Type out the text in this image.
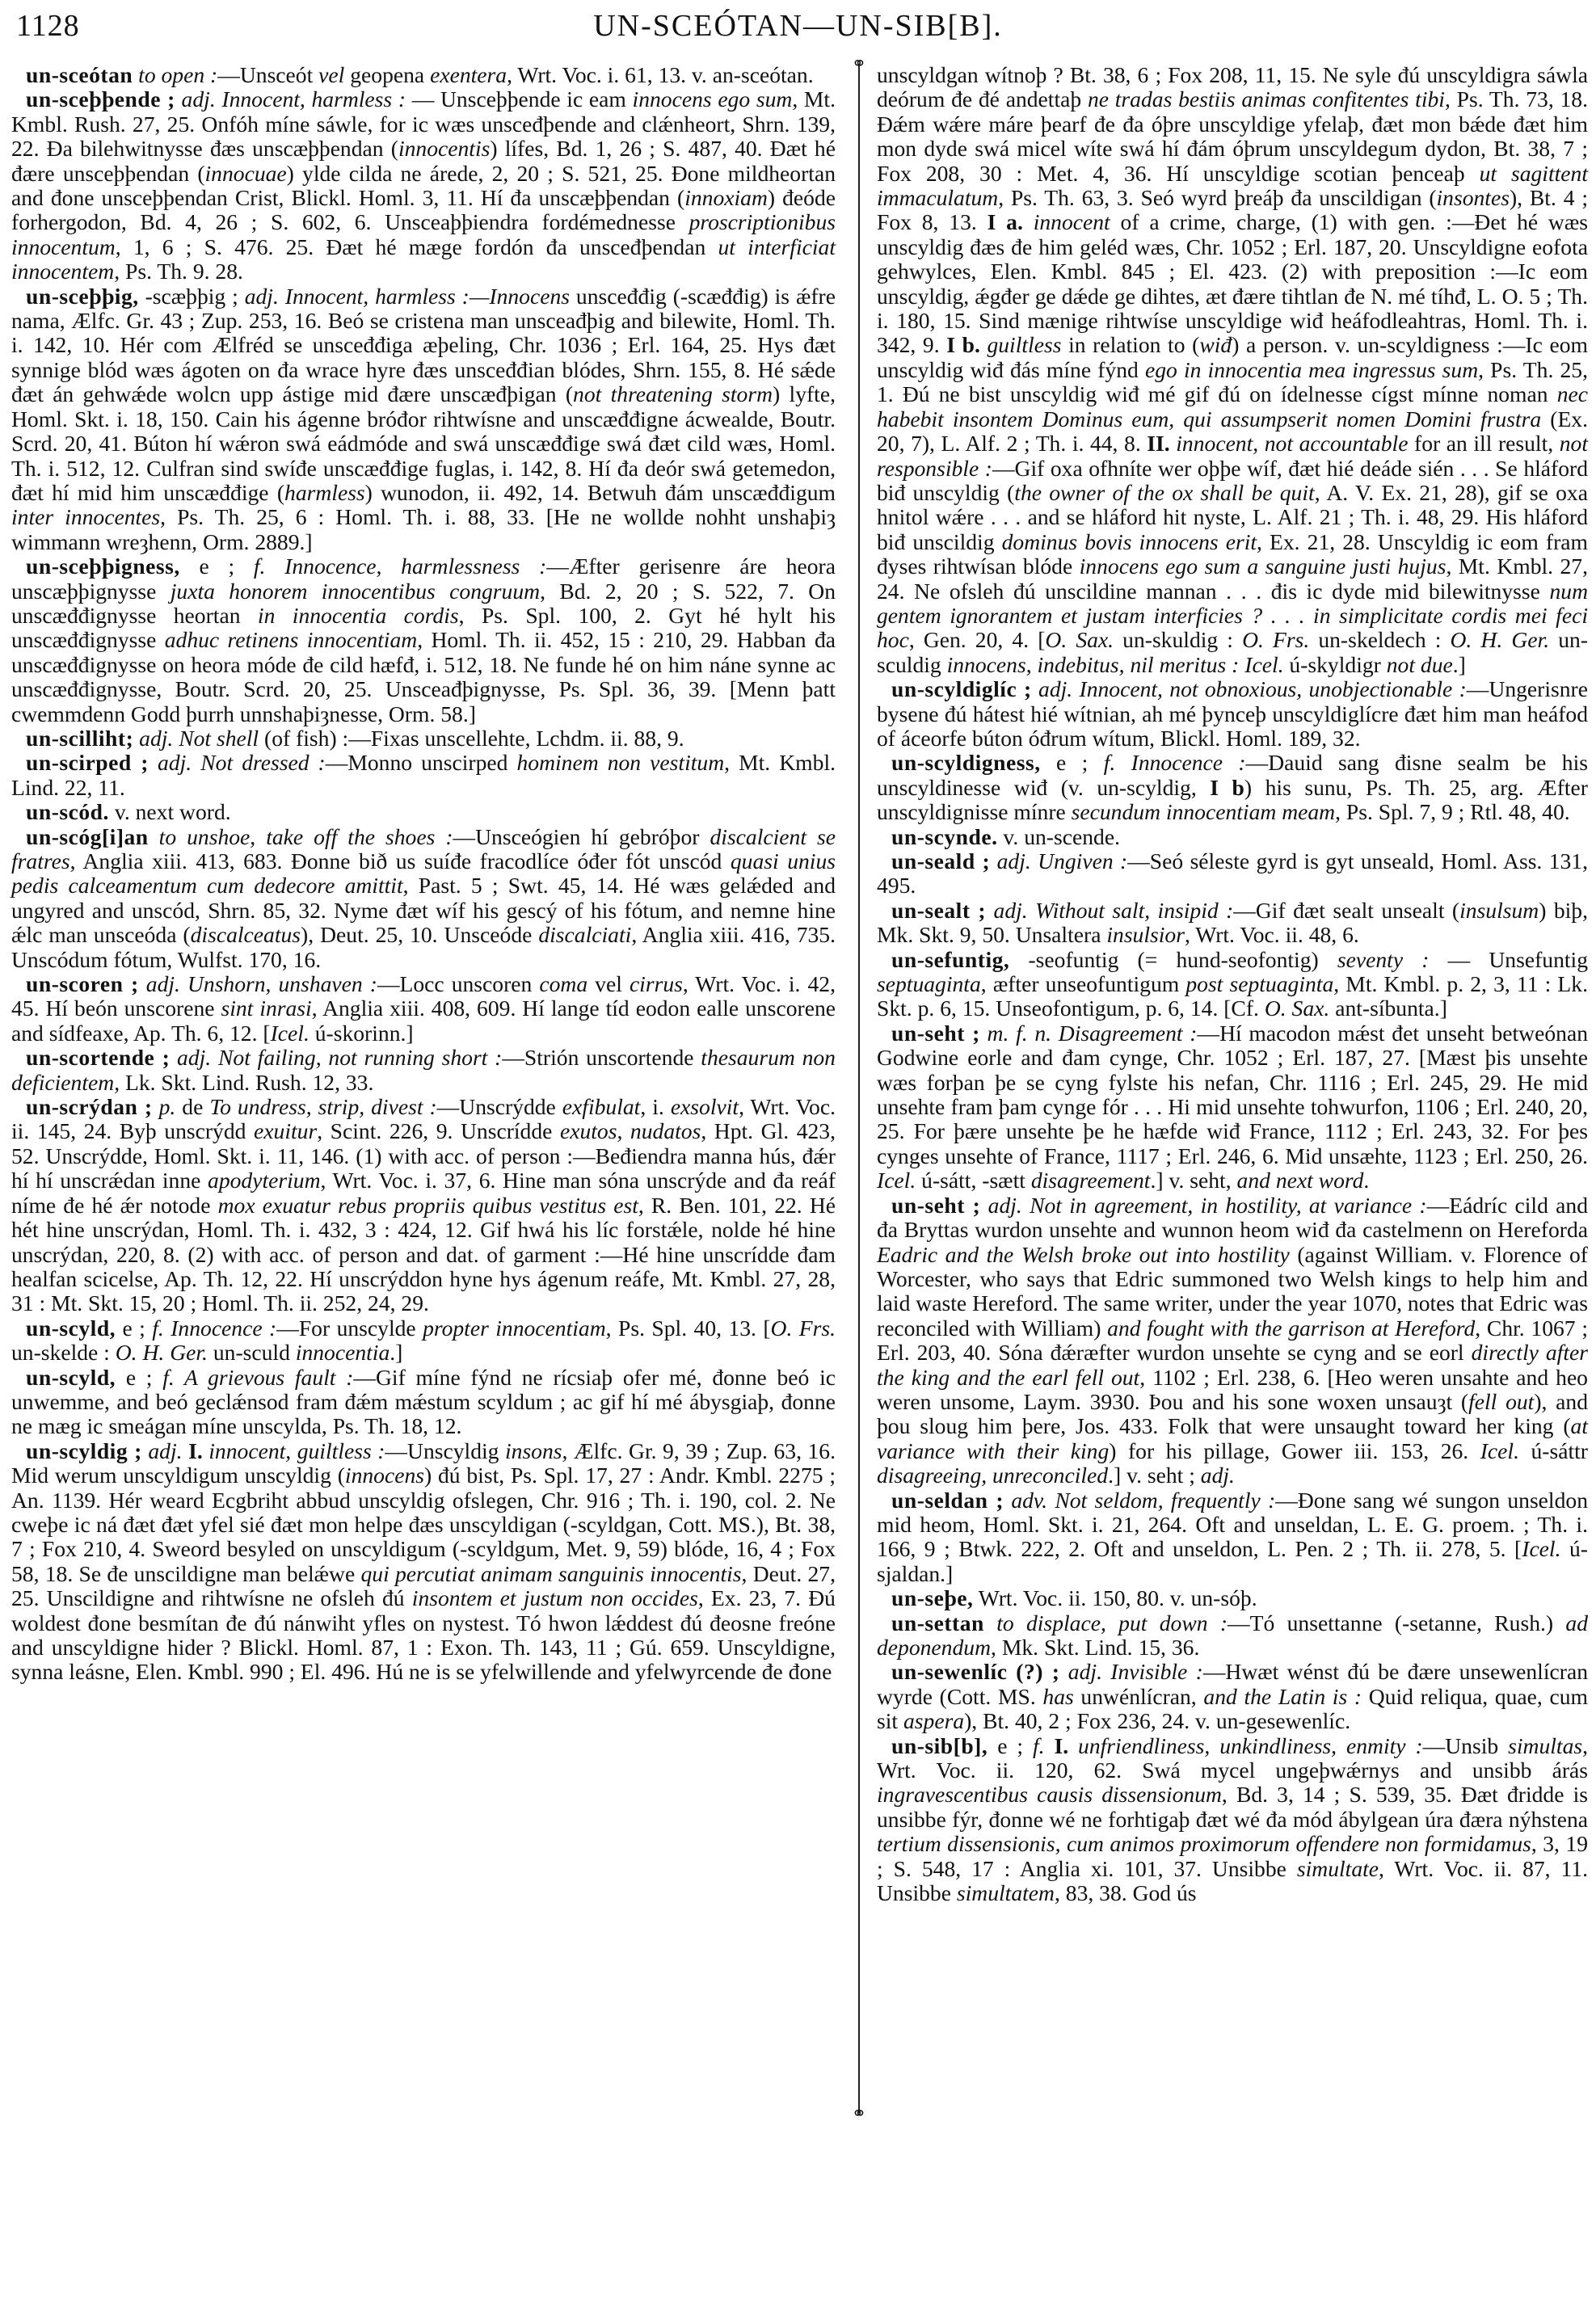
1128	UN-SCEÓTAN—UN-SIB[B].
⚭
⚭

un-sceótan to open :—Unsceót vel geopena exentera, Wrt. Voc. i. 61, 13. v. an-sceótan.

un-sceþþende ; adj. Innocent, harmless : — Unsceþþende ic eam innocens ego sum, Mt. Kmbl. Rush. 27, 25. Onfóh míne sáwle, for ic wæs unsceđþende and clǽnheort, Shrn. 139, 22. Đa bilehwitnysse đæs unscæþþendan (innocentis) lífes, Bd. 1, 26 ; S. 487, 40. Đæt hé đære unsceþþendan (innocuae) ylde cilda ne árede, 2, 20 ; S. 521, 25. Đone mildheortan and đone unsceþþendan Crist, Blickl. Homl. 3, 11. Hí đa unscæþþendan (innoxiam) đeóde forhergodon, Bd. 4, 26 ; S. 602, 6. Unsceaþþiendra fordémednesse proscriptionibus innocentum, 1, 6 ; S. 476. 25. Đæt hé mæge fordón đa unsceđþendan ut interficiat innocentem, Ps. Th. 9. 28.

un-sceþþig, -scæþþig ; adj. Innocent, harmless :—Innocens unsceđđig (-scæđđig) is ǽfre nama, Ælfc. Gr. 43 ; Zup. 253, 16. Beó se cristena man unsceađþig and bilewite, Homl. Th. i. 142, 10. Hér com Ælfréd se unsceđđiga æþeling, Chr. 1036 ; Erl. 164, 25. Hys đæt synnige blód wæs ágoten on đa wrace hyre đæs unsceđđian blódes, Shrn. 155, 8. Hé sǽde đæt án gehwǽde wolcn upp ástige mid đære unscæđþigan (not threatening storm) lyfte, Homl. Skt. i. 18, 150. Cain his ágenne bróđor rihtwísne and unscæđđigne ácwealde, Boutr. Scrd. 20, 41. Búton hí wǽron swá eádmóde and swá unscæđđige swá đæt cild wæs, Homl. Th. i. 512, 12. Culfran sind swíđe unscæđđige fuglas, i. 142, 8. Hí đa deór swá getemedon, đæt hí mid him unscæđđige (harmless) wunodon, ii. 492, 14. Betwuh đám unscæđđigum inter innocentes, Ps. Th. 25, 6 : Homl. Th. i. 88, 33. [He ne wollde nohht unshaþiȝ wimmann wreȝhenn, Orm. 2889.]

un-sceþþigness, e ; f. Innocence, harmlessness :—Æfter gerisenre áre heora unscæþþignysse juxta honorem innocentibus congruum, Bd. 2, 20 ; S. 522, 7. On unscæđđignysse heortan in innocentia cordis, Ps. Spl. 100, 2. Gyt hé hylt his unscæđđignysse adhuc retinens innocentiam, Homl. Th. ii. 452, 15 : 210, 29. Habban đa unscæđđignysse on heora móde đe cild hæfđ, i. 512, 18. Ne funde hé on him náne synne ac unscæđđignysse, Boutr. Scrd. 20, 25. Unsceađþignysse, Ps. Spl. 36, 39. [Menn þatt cwemmdenn Godd þurrh unnshaþiȝnesse, Orm. 58.]

un-scilliht; adj. Not shell (of fish) :—Fixas unscellehte, Lchdm. ii. 88, 9.

un-scirped ; adj. Not dressed :—Monno unscirped hominem non vestitum, Mt. Kmbl. Lind. 22, 11.

un-scód. v. next word.

un-scóg[i]an to unshoe, take off the shoes :—Unsceógien hí gebróþor discalcient se fratres, Anglia xiii. 413, 683. Đonne bið us suíđe fracodlíce óđer fót unscód quasi unius pedis calceamentum cum dedecore amittit, Past. 5 ; Swt. 45, 14. Hé wæs gelǽded and ungyred and unscód, Shrn. 85, 32. Nyme đæt wíf his gescý of his fótum, and nemne hine ǽlc man unsceóda (discalceatus), Deut. 25, 10. Unsceóde discalciati, Anglia xiii. 416, 735. Unscódum fótum, Wulfst. 170, 16.

un-scoren ; adj. Unshorn, unshaven :—Locc unscoren coma vel cirrus, Wrt. Voc. i. 42, 45. Hí beón unscorene sint inrasi, Anglia xiii. 408, 609. Hí lange tíd eodon ealle unscorene and sídfeaxe, Ap. Th. 6, 12. [Icel. ú-skorinn.]

un-scortende ; adj. Not failing, not running short :—Strión unscortende thesaurum non deficientem, Lk. Skt. Lind. Rush. 12, 33.

un-scrýdan ; p. de To undress, strip, divest :—Unscrýdde exfibulat, i. exsolvit, Wrt. Voc. ii. 145, 24. Byþ unscrýdd exuitur, Scint. 226, 9. Unscrídde exutos, nudatos, Hpt. Gl. 423, 52. Unscrýdde, Homl. Skt. i. 11, 146. (1) with acc. of person :—Beđiendra manna hús, đǽr hí hí unscrǽdan inne apodyterium, Wrt. Voc. i. 37, 6. Hine man sóna unscrýde and đa reáf níme đe hé ǽr notode mox exuatur rebus propriis quibus vestitus est, R. Ben. 101, 22. Hé hét hine unscrýdan, Homl. Th. i. 432, 3 : 424, 12. Gif hwá his líc forstǽle, nolde hé hine unscrýdan, 220, 8. (2) with acc. of person and dat. of garment :—Hé hine unscrídde đam healfan scicelse, Ap. Th. 12, 22. Hí unscrýddon hyne hys ágenum reáfe, Mt. Kmbl. 27, 28, 31 : Mt. Skt. 15, 20 ; Homl. Th. ii. 252, 24, 29.

un-scyld, e ; f. Innocence :—For unscylde propter innocentiam, Ps. Spl. 40, 13. [O. Frs. un-skelde : O. H. Ger. un-sculd innocentia.]

un-scyld, e ; f. A grievous fault :—Gif míne fýnd ne rícsiaþ ofer mé, đonne beó ic unwemme, and beó geclǽnsod fram đǽm mǽstum scyldum ; ac gif hí mé ábysgiaþ, đonne ne mæg ic smeágan míne unscylda, Ps. Th. 18, 12.

un-scyldig ; adj. I. innocent, guiltless :—Unscyldig insons, Ælfc. Gr. 9, 39 ; Zup. 63, 16. Mid werum unscyldigum unscyldig (innocens) đú bist, Ps. Spl. 17, 27 : Andr. Kmbl. 2275 ; An. 1139. Hér weard Ecgbriht abbud unscyldig ofslegen, Chr. 916 ; Th. i. 190, col. 2. Ne cweþe ic ná đæt đæt yfel sié đæt mon helpe đæs unscyldigan (-scyldgan, Cott. MS.), Bt. 38, 7 ; Fox 210, 4. Sweord besyled on unscyldigum (-scyldgum, Met. 9, 59) blóde, 16, 4 ; Fox 58, 18. Se đe unscildigne man belǽwe qui percutiat animam sanguinis innocentis, Deut. 27, 25. Unscildigne and rihtwísne ne ofsleh đú insontem et justum non occides, Ex. 23, 7. Đú woldest đone besmítan đe đú nánwiht yfles on nystest. Tó hwon lǽddest đú đeosne freóne and unscyldigne hider ? Blickl. Homl. 87, 1 : Exon. Th. 143, 11 ; Gú. 659. Unscyldigne, synna leásne, Elen. Kmbl. 990 ; El. 496. Hú ne is se yfelwillende and yfelwyrcende đe đone

unscyldgan wítnoþ ? Bt. 38, 6 ; Fox 208, 11, 15. Ne syle đú unscyldigra sáwla deórum đe đé andettaþ ne tradas bestiis animas confitentes tibi, Ps. Th. 73, 18. Đǽm wǽre máre þearf đe đa óþre unscyldige yfelaþ, đæt mon bǽde đæt him mon dyde swá micel wíte swá hí đám óþrum unscyldegum dydon, Bt. 38, 7 ; Fox 208, 30 : Met. 4, 36. Hí unscyldige scotian þenceaþ ut sagittent immaculatum, Ps. Th. 63, 3. Seó wyrd þreáþ đa unscildigan (insontes), Bt. 4 ; Fox 8, 13. I a. innocent of a crime, charge, (1) with gen. :—Đet hé wæs unscyldig đæs đe him geléd wæs, Chr. 1052 ; Erl. 187, 20. Unscyldigne eofota gehwylces, Elen. Kmbl. 845 ; El. 423. (2) with preposition :—Ic eom unscyldig, ǽgđer ge dǽde ge dihtes, æt đære tihtlan đe N. mé tíhđ, L. O. 5 ; Th. i. 180, 15. Sind mænige rihtwíse unscyldige wiđ heáfodleahtras, Homl. Th. i. 342, 9. I b. guiltless in relation to (wiđ) a person. v. un-scyldigness :—Ic eom unscyldig wiđ đás míne fýnd ego in innocentia mea ingressus sum, Ps. Th. 25, 1. Đú ne bist unscyldig wiđ mé gif đú on ídelnesse cígst mínne noman nec habebit insontem Dominus eum, qui assumpserit nomen Domini frustra (Ex. 20, 7), L. Alf. 2 ; Th. i. 44, 8. II. innocent, not accountable for an ill result, not responsible :—Gif oxa ofhníte wer oþþe wíf, đæt hié deáde sién . . . Se hláford biđ unscyldig (the owner of the ox shall be quit, A. V. Ex. 21, 28), gif se oxa hnitol wǽre . . . and se hláford hit nyste, L. Alf. 21 ; Th. i. 48, 29. His hláford biđ unscildig dominus bovis innocens erit, Ex. 21, 28. Unscyldig ic eom fram đyses rihtwísan blóde innocens ego sum a sanguine justi hujus, Mt. Kmbl. 27, 24. Ne ofsleh đú unscildine mannan . . . đis ic dyde mid bilewitnysse num gentem ignorantem et justam interficies ? . . . in simplicitate cordis mei feci hoc, Gen. 20, 4. [O. Sax. un-skuldig : O. Frs. un-skeldech : O. H. Ger. un-sculdig innocens, indebitus, nil meritus : Icel. ú-skyldigr not due.]

un-scyldiglíc ; adj. Innocent, not obnoxious, unobjectionable :—Ungerisnre bysene đú hátest hié wítnian, ah mé þynceþ unscyldiglícre đæt him man heáfod of áceorfe búton óđrum wítum, Blickl. Homl. 189, 32.

un-scyldigness, e ; f. Innocence :—Dauid sang đisne sealm be his unscyldinesse wiđ (v. un-scyldig, I b) his sunu, Ps. Th. 25, arg. Æfter unscyldignisse mínre secundum innocentiam meam, Ps. Spl. 7, 9 ; Rtl. 48, 40.

un-scynde. v. un-scende.

un-seald ; adj. Ungiven :—Seó séleste gyrd is gyt unseald, Homl. Ass. 131, 495.

un-sealt ; adj. Without salt, insipid :—Gif đæt sealt unsealt (insulsum) biþ, Mk. Skt. 9, 50. Unsaltera insulsior, Wrt. Voc. ii. 48, 6.

un-sefuntig, -seofuntig (= hund-seofontig) seventy : — Unsefuntig septuaginta, æfter unseofuntigum post septuaginta, Mt. Kmbl. p. 2, 3, 11 : Lk. Skt. p. 6, 15. Unseofontigum, p. 6, 14. [Cf. O. Sax. ant-síbunta.]

un-seht ; m. f. n. Disagreement :—Hí macodon mǽst đet unseht betweónan Godwine eorle and đam cynge, Chr. 1052 ; Erl. 187, 27. [Mæst þis unsehte wæs forþan þe se cyng fylste his nefan, Chr. 1116 ; Erl. 245, 29. He mid unsehte fram þam cynge fór . . . Hi mid unsehte tohwurfon, 1106 ; Erl. 240, 20, 25. For þære unsehte þe he hæfde wiđ France, 1112 ; Erl. 243, 32. For þes cynges unsehte of France, 1117 ; Erl. 246, 6. Mid unsæhte, 1123 ; Erl. 250, 26. Icel. ú-sátt, -sætt disagreement.] v. seht, and next word.

un-seht ; adj. Not in agreement, in hostility, at variance :—Eádríc cild and đa Bryttas wurdon unsehte and wunnon heom wiđ đa castelmenn on Hereforda Eadric and the Welsh broke out into hostility (against William. v. Florence of Worcester, who says that Edric summoned two Welsh kings to help him and laid waste Hereford. The same writer, under the year 1070, notes that Edric was reconciled with William) and fought with the garrison at Hereford, Chr. 1067 ; Erl. 203, 40. Sóna đǽræfter wurdon unsehte se cyng and se eorl directly after the king and the earl fell out, 1102 ; Erl. 238, 6. [Heo weren unsahte and heo weren unsome, Laym. 3930. Þou and his sone woxen unsauȝt (fell out), and þou sloug him þere, Jos. 433. Folk that were unsaught toward her king (at variance with their king) for his pillage, Gower iii. 153, 26. Icel. ú-sáttr disagreeing, unreconciled.] v. seht ; adj.

un-seldan ; adv. Not seldom, frequently :—Đone sang wé sungon unseldon mid heom, Homl. Skt. i. 21, 264. Oft and unseldan, L. E. G. proem. ; Th. i. 166, 9 ; Btwk. 222, 2. Oft and unseldon, L. Pen. 2 ; Th. ii. 278, 5. [Icel. ú-sjaldan.]

un-seþe, Wrt. Voc. ii. 150, 80. v. un-sóþ.

un-settan to displace, put down :—Tó unsettanne (-setanne, Rush.) ad deponendum, Mk. Skt. Lind. 15, 36.

un-sewenlíc (?) ; adj. Invisible :—Hwæt wénst đú be đære unsewenlícran wyrde (Cott. MS. has unwénlícran, and the Latin is : Quid reliqua, quae, cum sit aspera), Bt. 40, 2 ; Fox 236, 24. v. un-gesewenlíc.

un-sib[b], e ; f. I. unfriendliness, unkindliness, enmity :—Unsib simultas, Wrt. Voc. ii. 120, 62. Swá mycel ungeþwǽrnys and unsibb árás ingravescentibus causis dissensionum, Bd. 3, 14 ; S. 539, 35. Đæt đridde is unsibbe fýr, đonne wé ne forhtigaþ đæt wé đa mód ábylgean úra đæra nýhstena tertium dissensionis, cum animos proximorum offendere non formidamus, 3, 19 ; S. 548, 17 : Anglia xi. 101, 37. Unsibbe simultate, Wrt. Voc. ii. 87, 11. Unsibbe simultatem, 83, 38. God ús
